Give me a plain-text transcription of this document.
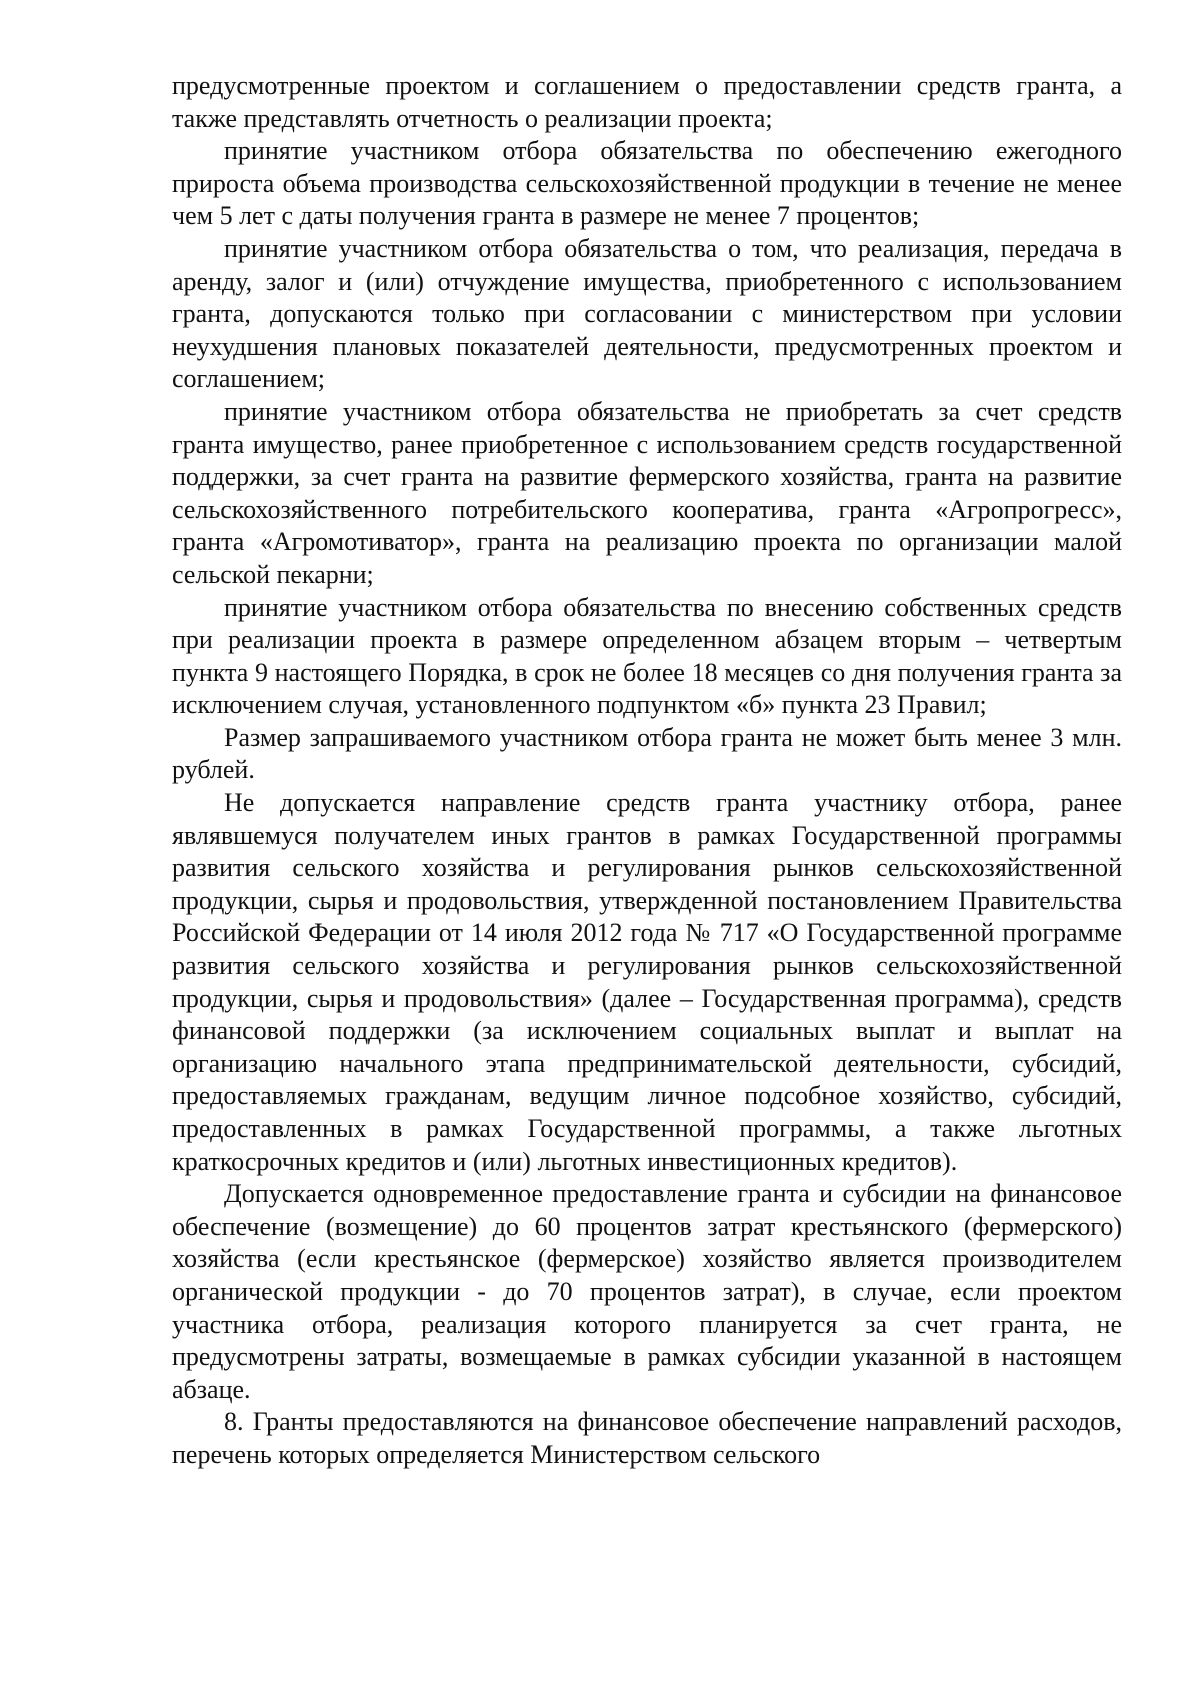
предусмотренные проектом и соглашением о предоставлении средств гранта, а также представлять отчетность о реализации проекта;

принятие участником отбора обязательства по обеспечению ежегодного прироста объема производства сельскохозяйственной продукции в течение не менее чем 5 лет с даты получения гранта в размере не менее 7 процентов;

принятие участником отбора обязательства о том, что реализация, передача в аренду, залог и (или) отчуждение имущества, приобретенного с использованием гранта, допускаются только при согласовании с министерством при условии неухудшения плановых показателей деятельности, предусмотренных проектом и соглашением;

принятие участником отбора обязательства не приобретать за счет средств гранта имущество, ранее приобретенное с использованием средств государственной поддержки, за счет гранта на развитие фермерского хозяйства, гранта на развитие сельскохозяйственного потребительского кооператива, гранта «Агропрогресс», гранта «Агромотиватор», гранта на реализацию проекта по организации малой сельской пекарни;

принятие участником отбора обязательства по внесению собственных средств при реализации проекта в размере определенном абзацем вторым – четвертым пункта 9 настоящего Порядка, в срок не более 18 месяцев со дня получения гранта за исключением случая, установленного подпунктом «б» пункта 23 Правил;

Размер запрашиваемого участником отбора гранта не может быть менее 3 млн. рублей.

Не допускается направление средств гранта участнику отбора, ранее являвшемуся получателем иных грантов в рамках Государственной программы развития сельского хозяйства и регулирования рынков сельскохозяйственной продукции, сырья и продовольствия, утвержденной постановлением Правительства Российской Федерации от 14 июля 2012 года № 717 «О Государственной программе развития сельского хозяйства и регулирования рынков сельскохозяйственной продукции, сырья и продовольствия» (далее – Государственная программа), средств финансовой поддержки (за исключением социальных выплат и выплат на организацию начального этапа предпринимательской деятельности, субсидий, предоставляемых гражданам, ведущим личное подсобное хозяйство, субсидий, предоставленных в рамках Государственной программы, а также льготных краткосрочных кредитов и (или) льготных инвестиционных кредитов).

Допускается одновременное предоставление гранта и субсидии на финансовое обеспечение (возмещение) до 60 процентов затрат крестьянского (фермерского) хозяйства (если крестьянское (фермерское) хозяйство является производителем органической продукции - до 70 процентов затрат), в случае, если проектом участника отбора, реализация которого планируется за счет гранта, не предусмотрены затраты, возмещаемые в рамках субсидии указанной в настоящем абзаце.

8. Гранты предоставляются на финансовое обеспечение направлений расходов, перечень которых определяется Министерством сельского
